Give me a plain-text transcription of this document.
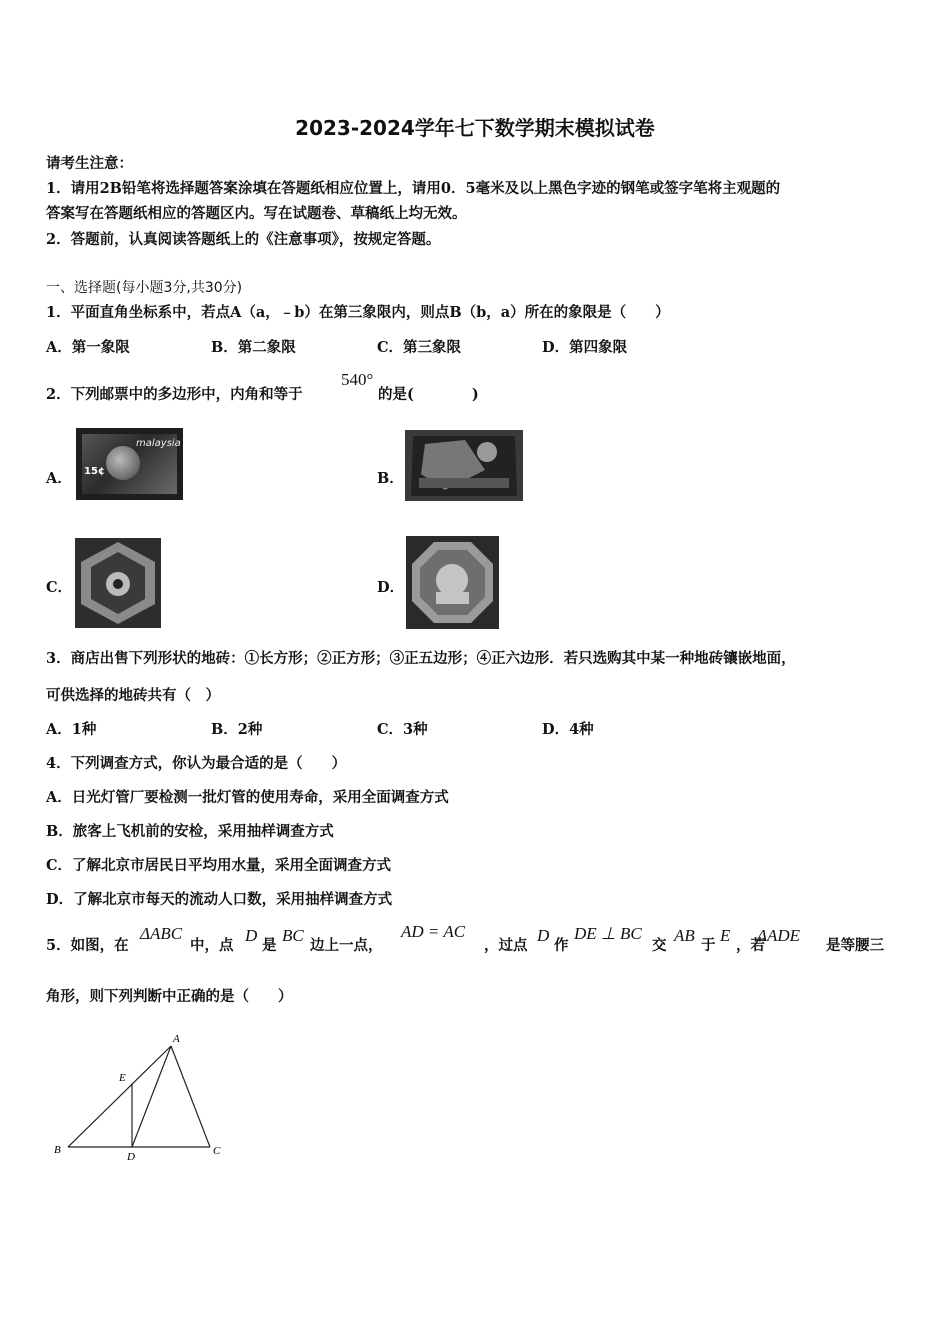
2023-2024学年七下数学期末模拟试卷
请考生注意：
1．请用2B铅笔将选择题答案涂填在答题纸相应位置上，请用0．5毫米及以上黑色字迹的钢笔或签字笔将主观题的
答案写在答题纸相应的答题区内。写在试题卷、草稿纸上均无效。
2．答题前，认真阅读答题纸上的《注意事项》，按规定答题。
一、选择题(每小题3分,共30分)
1．平面直角坐标系中，若点A（a，﹣b）在第三象限内，则点B（b，a）所在的象限是（　　）
A．第一象限	B．第二象限	C．第三象限	D．第四象限
2．下列邮票中的多边形中，内角和等于
540°
的是(　　　　)
A．
malaysia
15¢	B．
C．	D．
3．商店出售下列形状的地砖：①长方形；②正方形；③正五边形；④正六边形．若只选购其中某一种地砖镶嵌地面，
可供选择的地砖共有（　）
A．1种	B．2种	C．3种	D．4种
4．下列调查方式，你认为最合适的是（　　）
A．日光灯管厂要检测一批灯管的使用寿命，采用全面调查方式
B．旅客上飞机前的安检，采用抽样调查方式
C．了解北京市居民日平均用水量，采用全面调查方式
D．了解北京市每天的流动人口数，采用抽样调查方式
5．如图，在
ΔABC
中，点
D
是
BC
边上一点，
AD = AC
，过点
D
作
DE ⊥ BC
交
AB
于
E
，若
ΔADE
是等腰三
角形，则下列判断中正确的是（　　）
A
B	C
D
E
